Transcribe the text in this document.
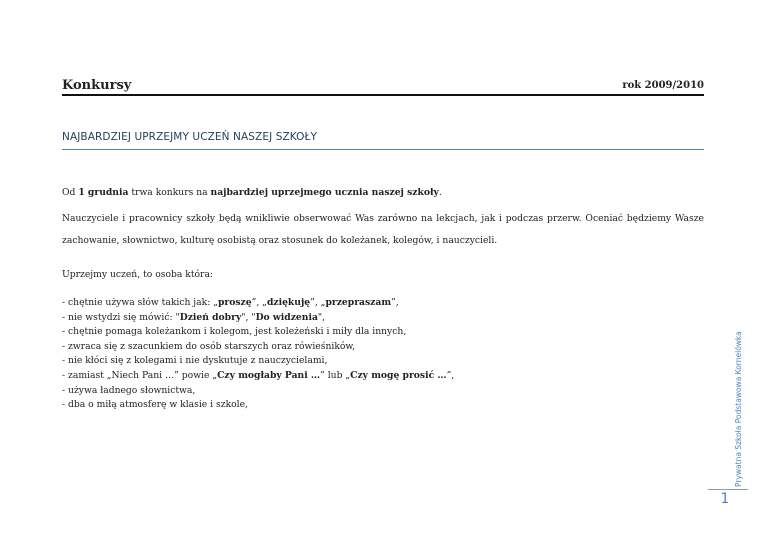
Konkursy	rok 2009/2010
NAJBARDZIEJ UPRZEJMY UCZEŃ NASZEJ SZKOŁY
Od 1 grudnia trwa konkurs na najbardziej uprzejmego ucznia naszej szkoły.
Nauczyciele i pracownicy szkoły będą wnikliwie obserwować Was zarówno na lekcjach, jak i podczas przerw. Oceniać będziemy Wasze zachowanie, słownictwo, kulturę osobistą oraz stosunek do koleżanek, kolegów, i nauczycieli.
Uprzejmy uczeń, to osoba która:
- chętnie używa słów takich jak: „proszę”, „dziękuję”, „przepraszam”,
- nie wstydzi się mówić: "Dzień dobry", "Do widzenia",
- chętnie pomaga koleżankom i kolegom, jest koleżeński i miły dla innych,
- zwraca się z szacunkiem do osób starszych oraz rówieśników,
- nie kłóci się z kolegami i nie dyskutuje z nauczycielami,
- zamiast „Niech Pani …” powie „Czy mogłaby Pani …” lub „Czy mogę prosić …”,
- używa ładnego słownictwa,
- dba o miłą atmosferę w klasie i szkole,	Prywatna Szkoła Podstawowa Kornelówka
1
